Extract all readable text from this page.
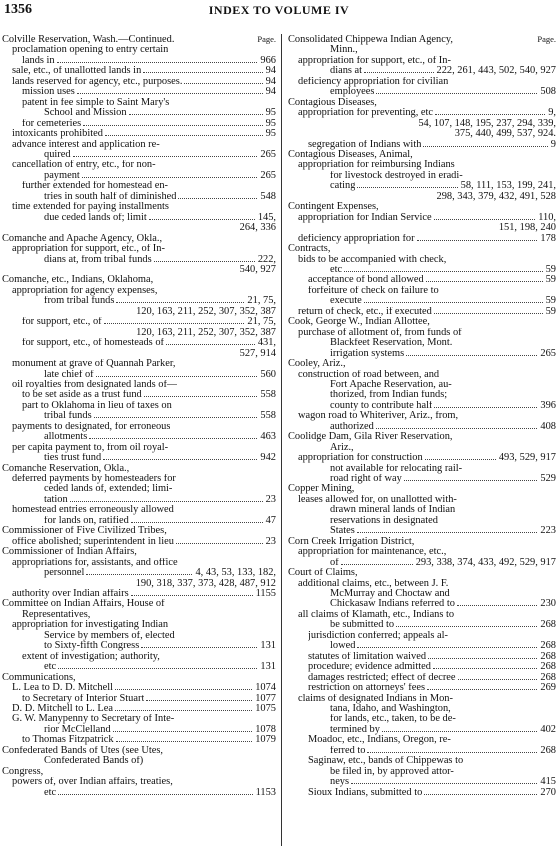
1356	INDEX TO VOLUME IV
Colville Reservation, Wash.—Continued.	Page.
proclamation opening to entry certain
lands in	966
sale, etc., of unallotted lands in	94
lands reserved for agency, etc., purposes.	94
mission uses	94
patent in fee simple to Saint Mary's
School and Mission	95
for cemeteries	95
intoxicants prohibited	95
advance interest and application re-
quired	265
cancellation of entry, etc., for non-
payment	265
further extended for homestead en-
tries in south half of diminished	548
time extended for paying installments
due ceded lands of; limit	145,
264, 336
Comanche and Apache Agency, Okla.,
appropriation for support, etc., of In-
dians at, from tribal funds	222,
540, 927
Comanche, etc., Indians, Oklahoma,
appropriation for agency expenses,
from tribal funds	21, 75,
120, 163, 211, 252, 307, 352, 387
for support, etc., of	21, 75,
120, 163, 211, 252, 307, 352, 387
for support, etc., of homesteads of	431,
527, 914
monument at grave of Quannah Parker,
late chief of	560
oil royalties from designated lands of—
to be set aside as a trust fund	558
part to Oklahoma in lieu of taxes on
tribal funds	558
payments to designated, for erroneous
allotments	463
per capita payment to, from oil royal-
ties trust fund	942
Comanche Reservation, Okla.,
deferred payments by homesteaders for
ceded lands of, extended; limi-
tation	23
homestead entries erroneously allowed
for lands on, ratified	47
Commissioner of Five Civilized Tribes,
office abolished; superintendent in lieu	23
Commissioner of Indian Affairs,
appropriations for, assistants, and office
personnel	4, 43, 53, 133, 182,
190, 318, 337, 373, 428, 487, 912
authority over Indian affairs	1155
Committee on Indian Affairs, House of
Representatives,
appropriation for investigating Indian
Service by members of, elected
to Sixty-fifth Congress	131
extent of investigation; authority,
etc	131
Communications,
L. Lea to D. D. Mitchell	1074
to Secretary of Interior Stuart	1077
D. D. Mitchell to L. Lea	1075
G. W. Manypenny to Secretary of Inte-
rior McClelland	1078
to Thomas Fitzpatrick	1079
Confederated Bands of Utes (see Utes,
Confederated Bands of)
Congress,
powers of, over Indian affairs, treaties,
etc	1153
Consolidated Chippewa Indian Agency,	Page.
Minn.,
appropriation for support, etc., of In-
dians at	222, 261, 443, 502, 540, 927
deficiency appropriation for civilian
employees	508
Contagious Diseases,
appropriation for preventing, etc	9,
54, 107, 148, 195, 237, 294, 339,
375, 440, 499, 537, 924.
segregation of Indians with	9
Contagious Diseases, Animal,
appropriation for reimbursing Indians
for livestock destroyed in eradi-
cating	58, 111, 153, 199, 241,
298, 343, 379, 432, 491, 528
Contingent Expenses,
appropriation for Indian Service	110,
151, 198, 240
deficiency appropriation for	178
Contracts,
bids to be accompanied with check,
etc	59
acceptance of bond allowed	59
forfeiture of check on failure to
execute	59
return of check, etc., if executed	59
Cook, George W., Indian Allottee,
purchase of allotment of, from funds of
Blackfeet Reservation, Mont.
irrigation systems	265
Cooley, Ariz.,
construction of road between, and
Fort Apache Reservation, au-
thorized, from Indian funds;
county to contribute half	396
wagon road to Whiteriver, Ariz., from,
authorized	408
Coolidge Dam, Gila River Reservation,
Ariz.,
appropriation for construction	493, 529, 917
not available for relocating rail-
road right of way	529
Copper Mining,
leases allowed for, on unallotted with-
drawn mineral lands of Indian
reservations in designated
States	223
Corn Creek Irrigation District,
appropriation for maintenance, etc.,
of	293, 338, 374, 433, 492, 529, 917
Court of Claims,
additional claims, etc., between J. F.
McMurray and Choctaw and
Chickasaw Indians referred to	230
all claims of Klamath, etc., Indians to
be submitted to	268
jurisdiction conferred; appeals al-
lowed	268
statutes of limitation waived	268
procedure; evidence admitted	268
damages restricted; effect of decree	268
restriction on attorneys' fees	269
claims of designated Indians in Mon-
tana, Idaho, and Washington,
for lands, etc., taken, to be de-
termined by	402
Moadoc, etc., Indians, Oregon, re-
ferred to	268
Saginaw, etc., bands of Chippewas to
be filed in, by approved attor-
neys	415
Sioux Indians, submitted to	270
